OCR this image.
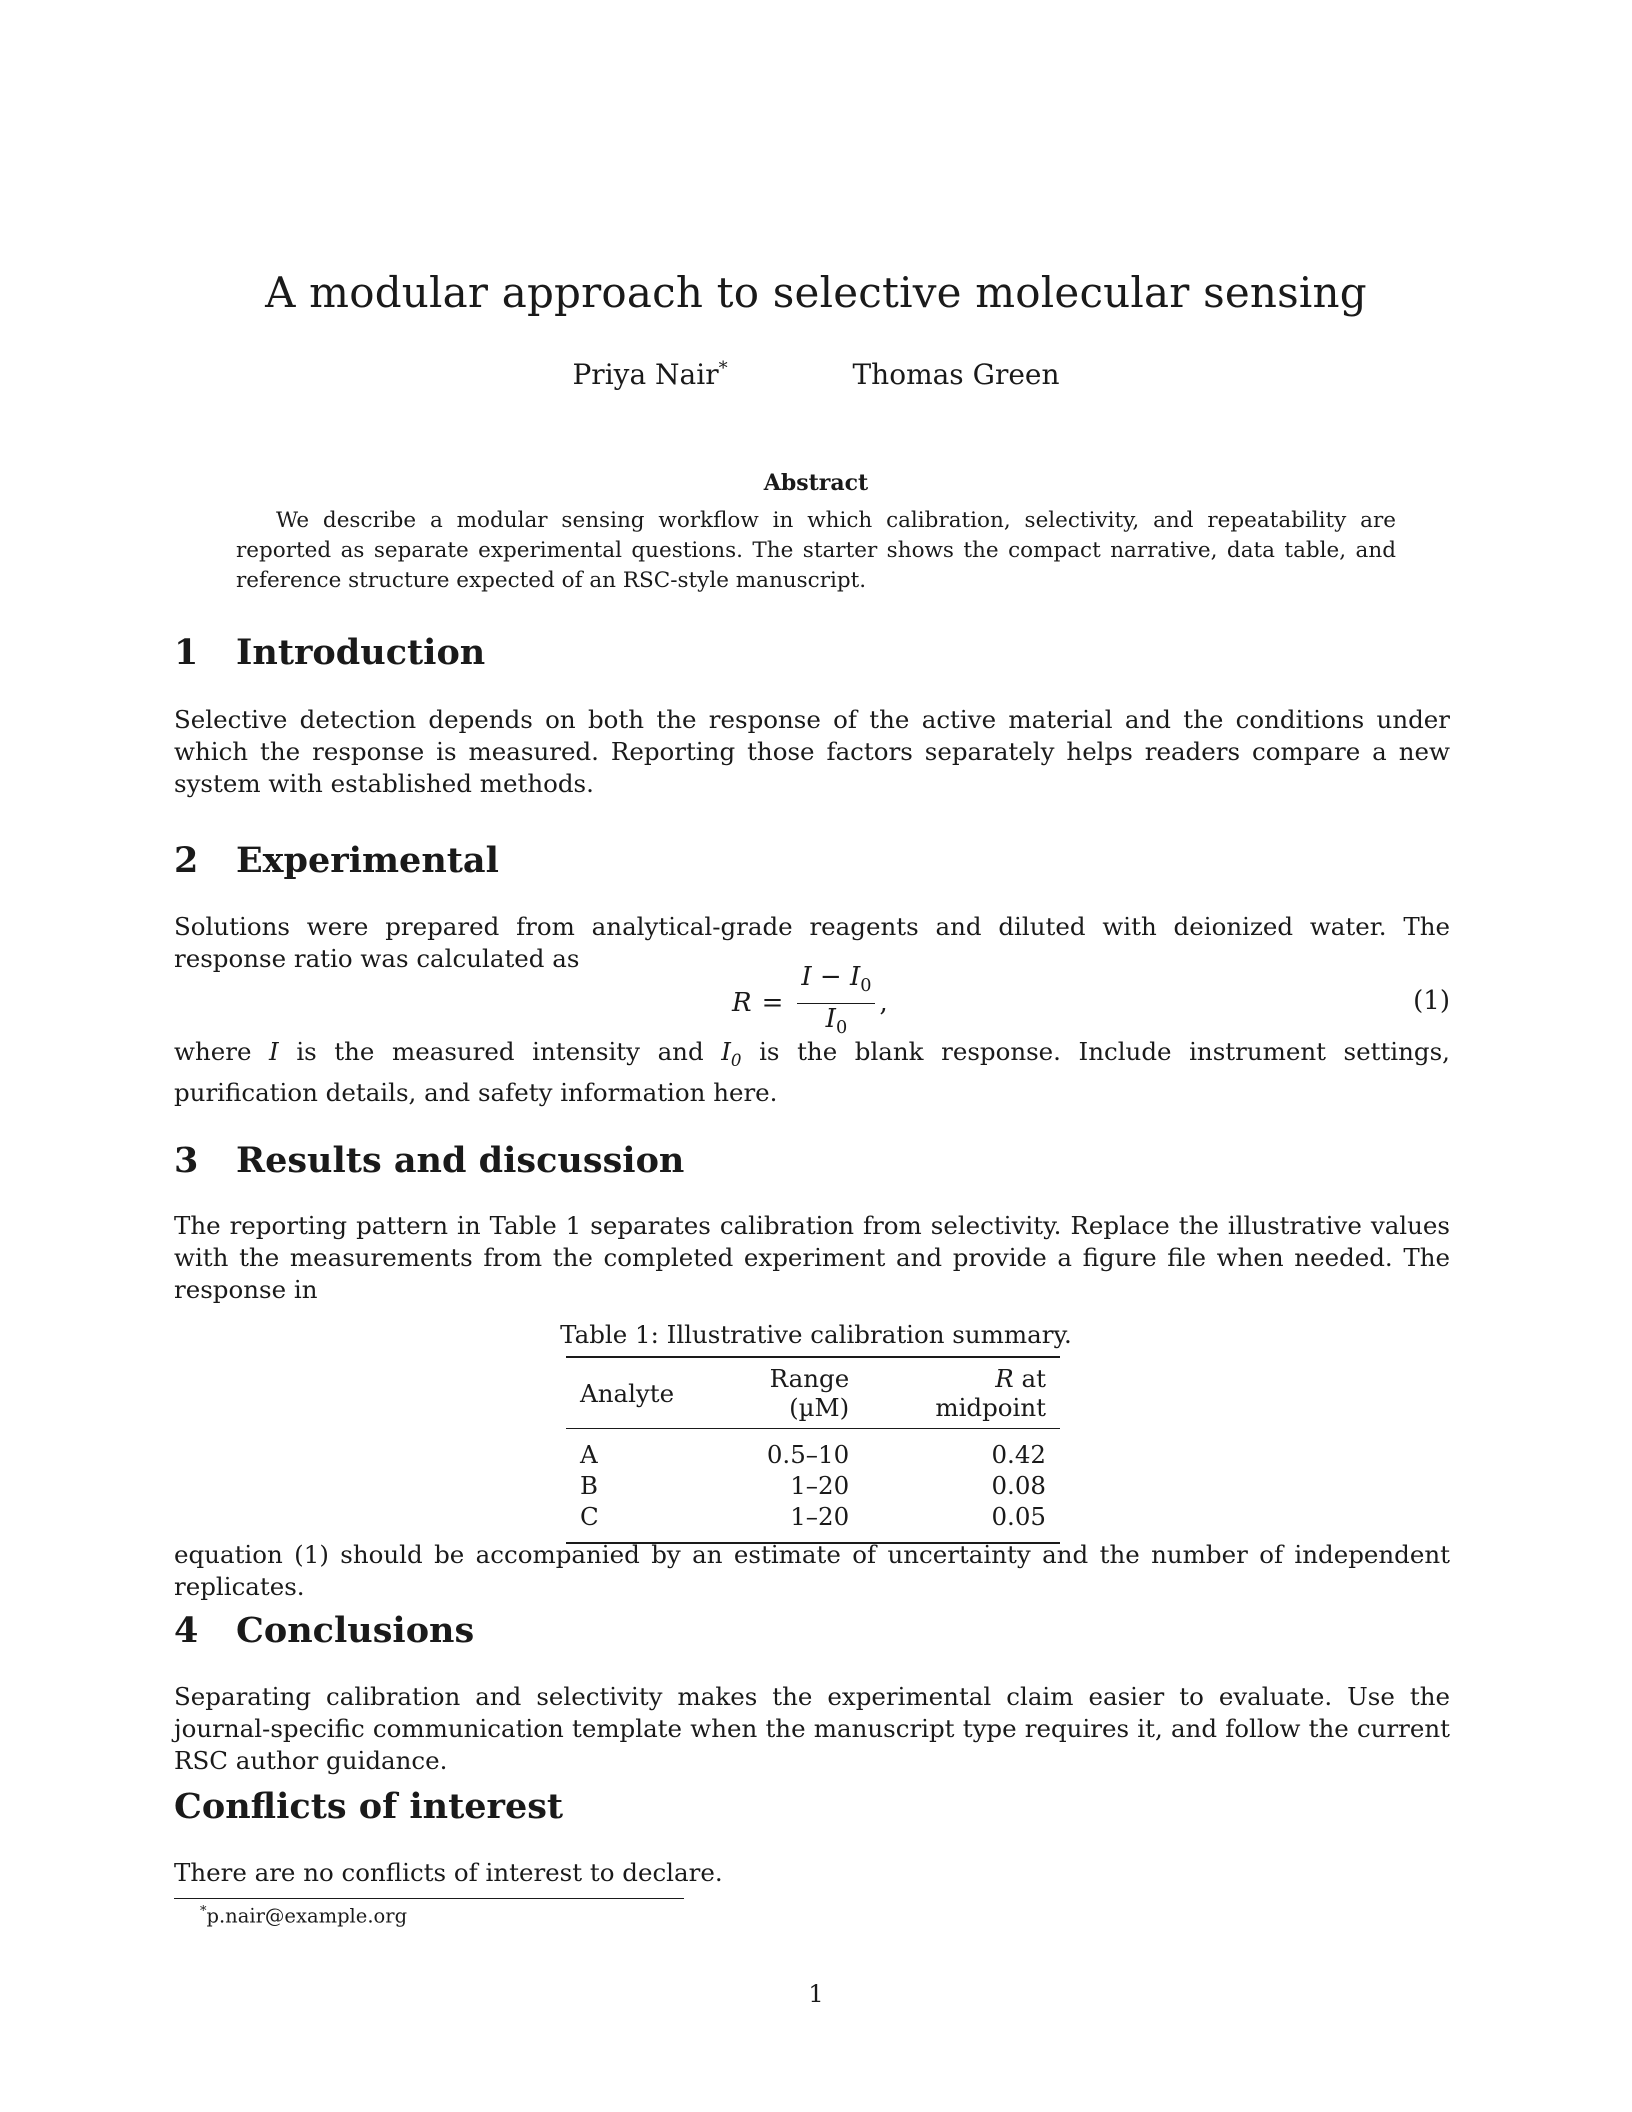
A modular approach to selective molecular sensing
Priya Nair*	Thomas Green
Abstract

We describe a modular sensing workflow in which calibration, selectivity, and repeatability are reported as separate experimental questions. The starter shows the compact narrative, data table, and reference structure expected of an RSC-style manuscript.

1 Introduction

Selective detection depends on both the response of the active material and the conditions under which the response is measured. Reporting those factors separately helps readers compare a new system with established methods.

2 Experimental

Solutions were prepared from analytical-grade reagents and diluted with deionized water. The response ratio was calculated as

$R = \frac{I - I_0}{I_0}$ ,	(1)

where I is the measured intensity and $I_0$ is the blank response. Include instrument settings, purification details, and safety information here.

3 Results and discussion

The reporting pattern in Table 1 separates calibration from selectivity. Replace the illustrative values with the measurements from the completed experiment and provide a figure file when needed. The response in

Table 1: Illustrative calibration summary.

Analyte	Range (µM)	R at midpoint
A	0.5–10	0.42
B	1–20	0.08
C	1–20	0.05

equation (1) should be accompanied by an estimate of uncertainty and the number of independent replicates.

4 Conclusions

Separating calibration and selectivity makes the experimental claim easier to evaluate. Use the journal-specific communication template when the manuscript type requires it, and follow the current RSC author guidance.

Conflicts of interest

There are no conflicts of interest to declare.

*p.nair@example.org
1
